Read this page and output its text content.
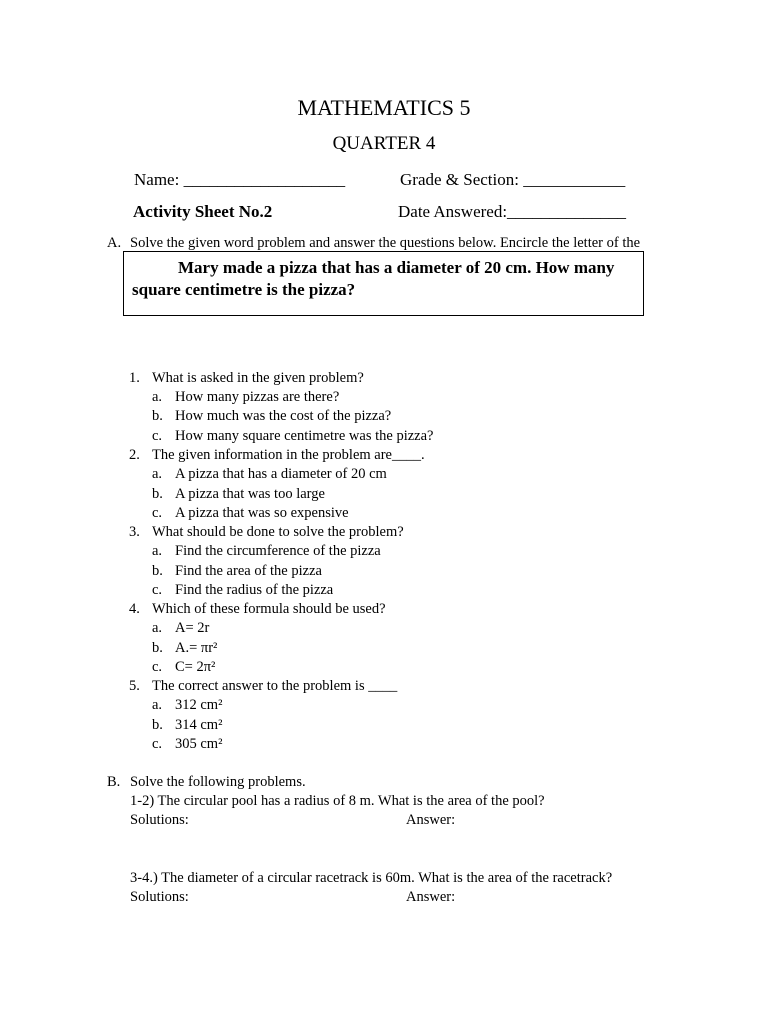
MATHEMATICS 5
QUARTER 4
Name: ___________________	Grade & Section: ____________
Activity Sheet No.2	Date Answered:______________
A. Solve the given word problem and answer the questions below. Encircle the letter of the
Mary made a pizza that has a diameter of 20 cm. How many square centimetre is the pizza?
1. What is asked in the given problem?
a. How many pizzas are there?
b. How much was the cost of the pizza?
c. How many square centimetre was the pizza?
2. The given information in the problem are____.
a. A pizza that has a diameter of 20 cm
b. A pizza that was too large
c. A pizza that was so expensive
3. What should be done to solve the problem?
a. Find the circumference of the pizza
b. Find the area of the pizza
c. Find the radius of the pizza
4. Which of these formula should be used?
a. A= 2r
b. A.= πr²
c. C= 2π²
5. The correct answer to the problem is ____
a. 312 cm²
b. 314 cm²
c. 305 cm²
B. Solve the following problems.
1-2) The circular pool has a radius of 8 m. What is the area of the pool?
Solutions:	Answer:
3-4.) The diameter of a circular racetrack is 60m. What is the area of the racetrack?
Solutions:	Answer:
